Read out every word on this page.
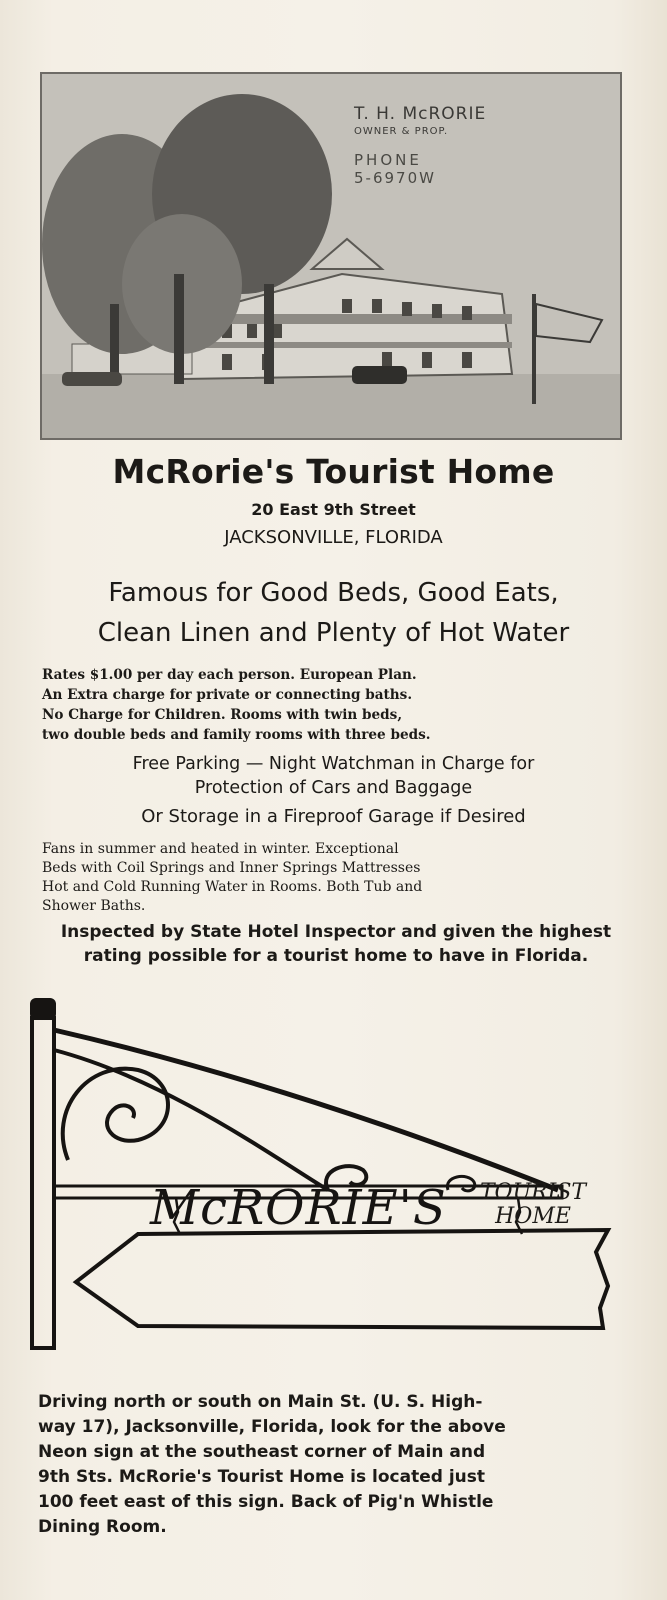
T. H. McRORIE
OWNER & PROP.
PHONE
5-6970W
McRorie's Tourist Home
20 East 9th Street
JACKSONVILLE, FLORIDA
Famous for Good Beds, Good Eats,
Clean Linen and Plenty of Hot Water
Rates $1.00 per day each person. European Plan.
An Extra charge for private or connecting baths.
No Charge for Children. Rooms with twin beds,
two double beds and family rooms with three beds.
Free Parking — Night Watchman in Charge for
Protection of Cars and Baggage
Or Storage in a Fireproof Garage if Desired
Fans in summer and heated in winter. Exceptional
Beds with Coil Springs and Inner Springs Mattresses
Hot and Cold Running Water in Rooms. Both Tub and
Shower Baths.
Inspected by State Hotel Inspector and given the highest rating possible for a tourist home to have in Florida.
McRORIE'S	TOURIST
HOME
Driving north or south on Main St. (U. S. High-
way 17), Jacksonville, Florida, look for the above
Neon sign at the southeast corner of Main and
9th Sts. McRorie's Tourist Home is located just
100 feet east of this sign. Back of Pig'n Whistle
Dining Room.
